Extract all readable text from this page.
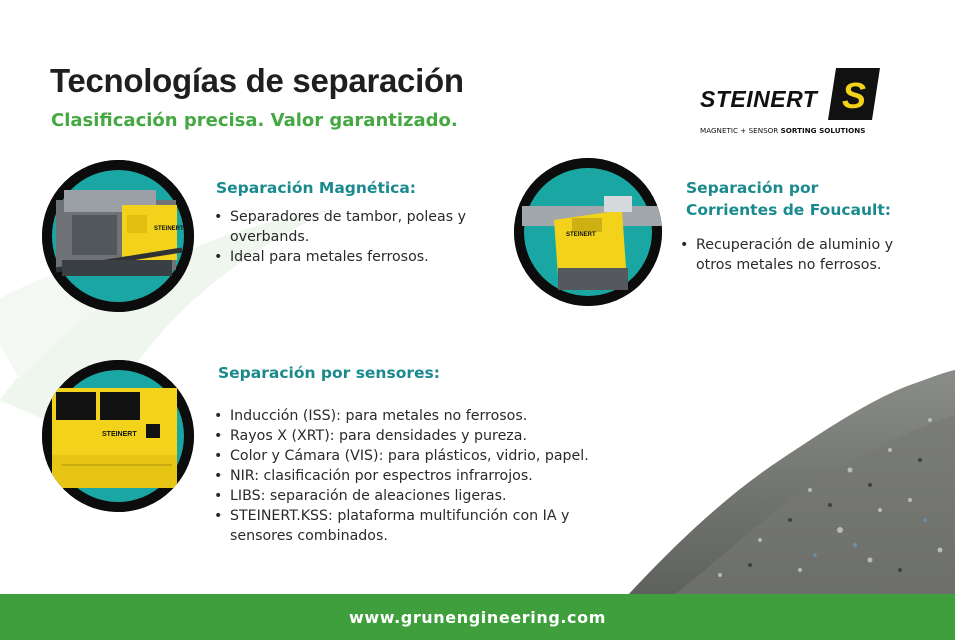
Tecnologías de separación

Clasificación precisa. Valor garantizado.

STEINERT S
MAGNETIC + SENSOR SORTING SOLUTIONS
STEINERT
Separación Magnética:
• Separadores de tambor, poleas y overbands.
• Ideal para metales ferrosos.
STEINERT
Separación por
Corrientes de Foucault:
• Recuperación de aluminio y otros metales no ferrosos.
STEINERT
Separación por sensores:
• Inducción (ISS): para metales no ferrosos.
• Rayos X (XRT): para densidades y pureza.
• Color y Cámara (VIS): para plásticos, vidrio, papel.
• NIR: clasificación por espectros infrarrojos.
• LIBS: separación de aleaciones ligeras.
• STEINERT.KSS: plataforma multifunción con IA y sensores combinados.
www.grunengineering.com
